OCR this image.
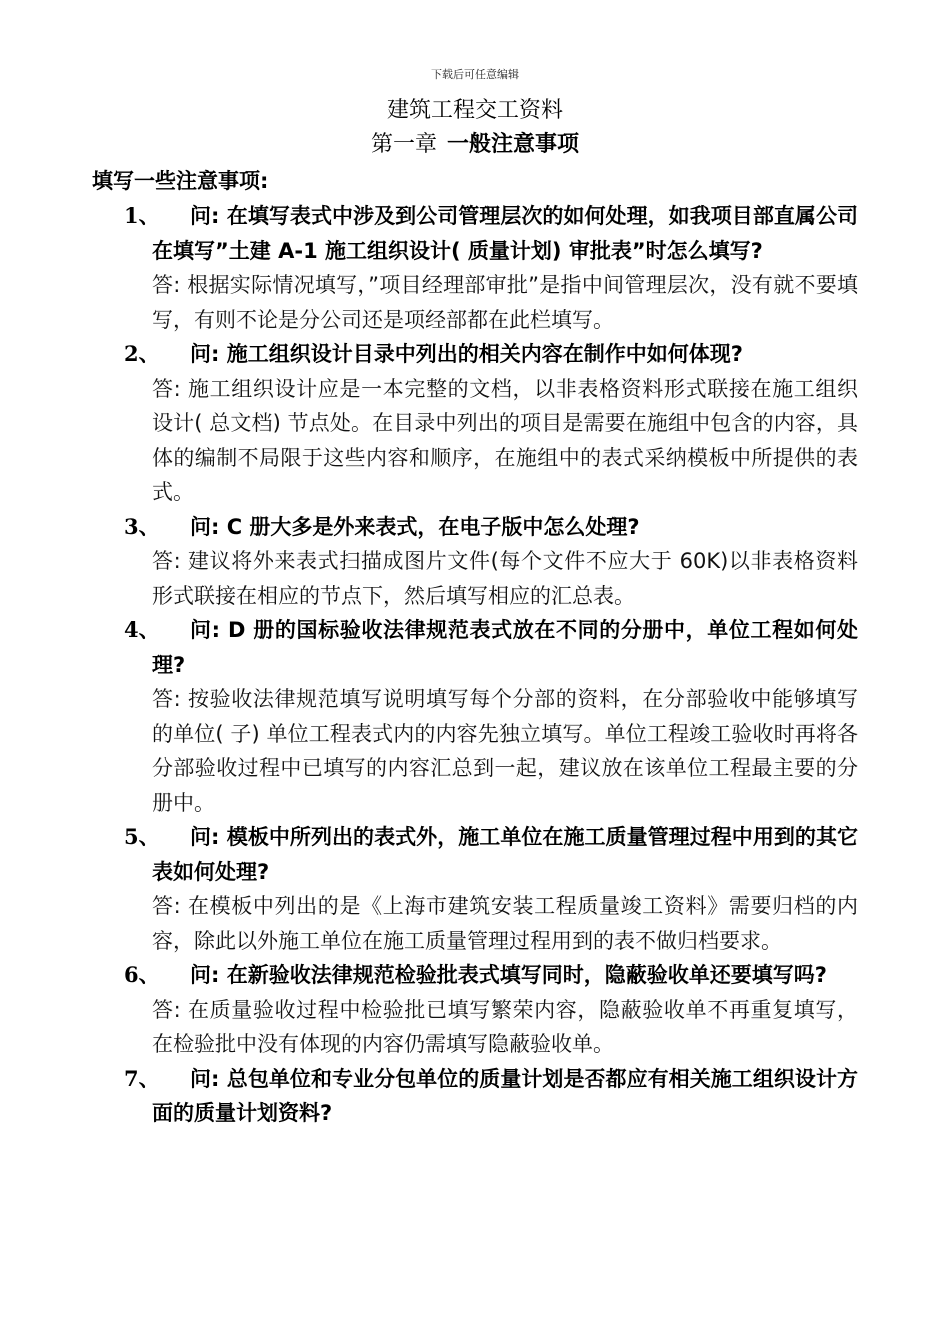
下载后可任意编辑
建筑工程交工资料
第一章 一般注意事项
填写一些注意事项:
1、 问: 在填写表式中涉及到公司管理层次的如何处理，如我项目部直属公司在填写”土建 A-1 施工组织设计( 质量计划) 审批表”时怎么填写?
答: 根据实际情况填写，”项目经理部审批”是指中间管理层次，没有就不要填写，有则不论是分公司还是项经部都在此栏填写。
2、 问: 施工组织设计目录中列出的相关内容在制作中如何体现?
答: 施工组织设计应是一本完整的文档，以非表格资料形式联接在施工组织设计( 总文档) 节点处。在目录中列出的项目是需要在施组中包含的内容，具体的编制不局限于这些内容和顺序，在施组中的表式采纳模板中所提供的表式。
3、 问: C 册大多是外来表式，在电子版中怎么处理?
答: 建议将外来表式扫描成图片文件(每个文件不应大于 60K)以非表格资料形式联接在相应的节点下，然后填写相应的汇总表。
4、 问: D 册的国标验收法律规范表式放在不同的分册中，单位工程如何处理?
答: 按验收法律规范填写说明填写每个分部的资料，在分部验收中能够填写的单位( 子) 单位工程表式内的内容先独立填写。单位工程竣工验收时再将各分部验收过程中已填写的内容汇总到一起，建议放在该单位工程最主要的分册中。
5、 问: 模板中所列出的表式外，施工单位在施工质量管理过程中用到的其它表如何处理?
答: 在模板中列出的是《上海市建筑安装工程质量竣工资料》需要归档的内容，除此以外施工单位在施工质量管理过程用到的表不做归档要求。
6、 问: 在新验收法律规范检验批表式填写同时，隐蔽验收单还要填写吗?
答: 在质量验收过程中检验批已填写繁荣内容，隐蔽验收单不再重复填写，在检验批中没有体现的内容仍需填写隐蔽验收单。
7、 问: 总包单位和专业分包单位的质量计划是否都应有相关施工组织设计方面的质量计划资料?
